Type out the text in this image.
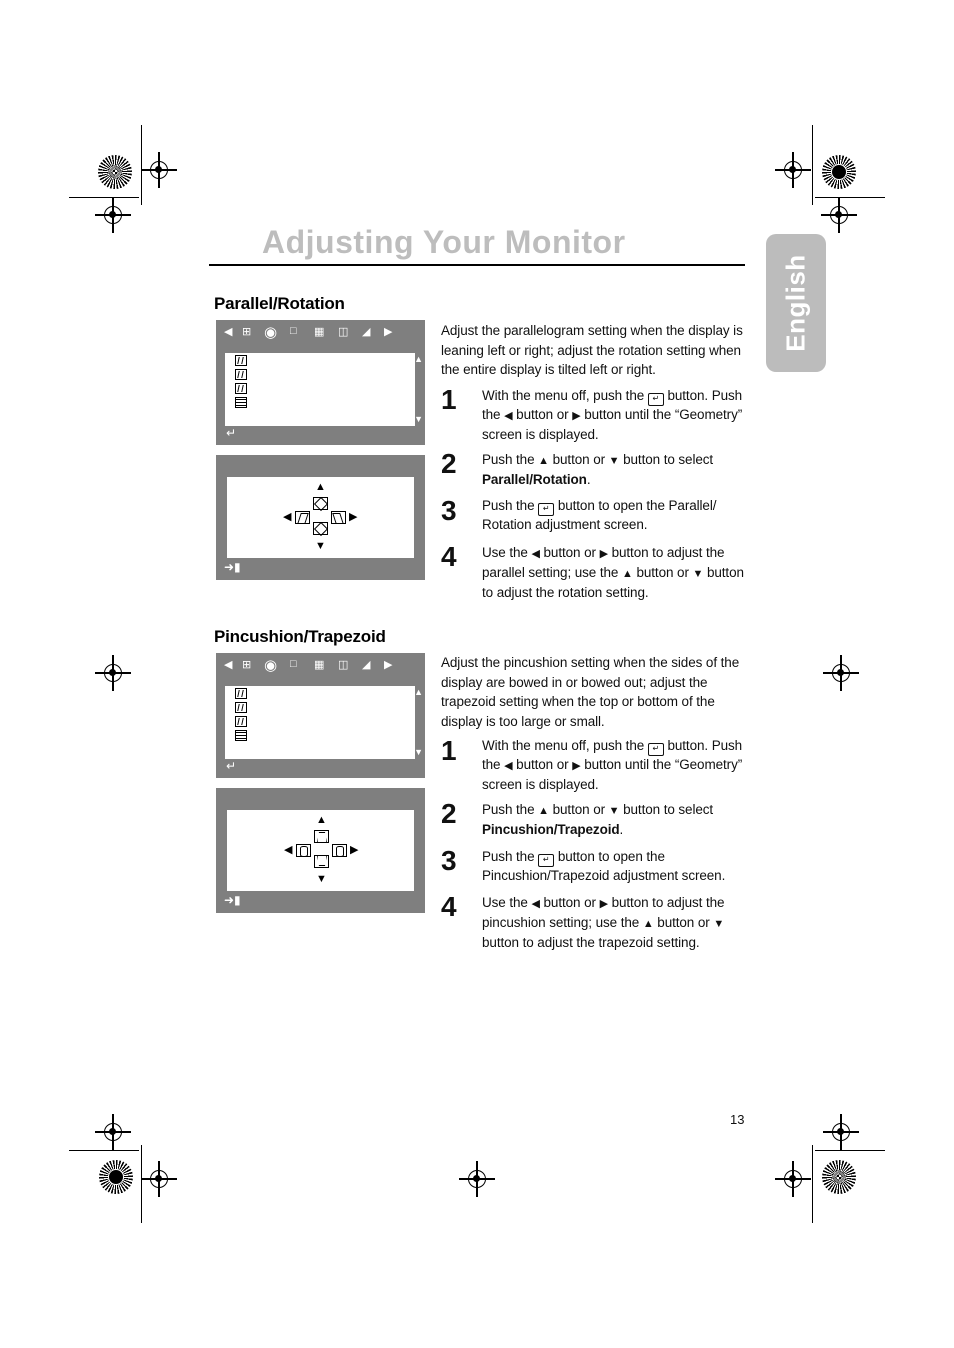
Adjusting Your Monitor
English
Parallel/Rotation
◀ ⊞ ◉ □ ▦ ◫ ◢ ▶
▲
▼
↵
▲
◀	▶
▼
➜▮

Adjust the parallelogram setting when the display is leaning left or right; adjust the rotation setting when the entire display is tilted left or right.

1 With the menu off, push the ↵ button. Push the ◀ button or ▶ button until the “Geometry” screen is displayed.

2 Push the ▲ button or ▼ button to select Parallel/Rotation.

3 Push the ↵ button to open the Parallel/ Rotation adjustment screen.

4 Use the ◀ button or ▶ button to adjust the parallel setting; use the ▲ button or ▼ button to adjust the rotation setting.

Pincushion/Trapezoid
◀ ⊞ ◉ □ ▦ ◫ ◢ ▶
▲
▼
↵
▲
◀	▶
▼
➜▮

Adjust the pincushion setting when the sides of the display are bowed in or bowed out; adjust the trapezoid setting when the top or bottom of the display is too large or small.

1 With the menu off, push the ↵ button. Push the ◀ button or ▶ button until the “Geometry” screen is displayed.

2 Push the ▲ button or ▼ button to select Pincushion/Trapezoid.

3 Push the ↵ button to open the Pincushion/Trapezoid adjustment screen.

4 Use the ◀ button or ▶ button to adjust the pincushion setting; use the ▲ button or ▼ button to adjust the trapezoid setting.

13
